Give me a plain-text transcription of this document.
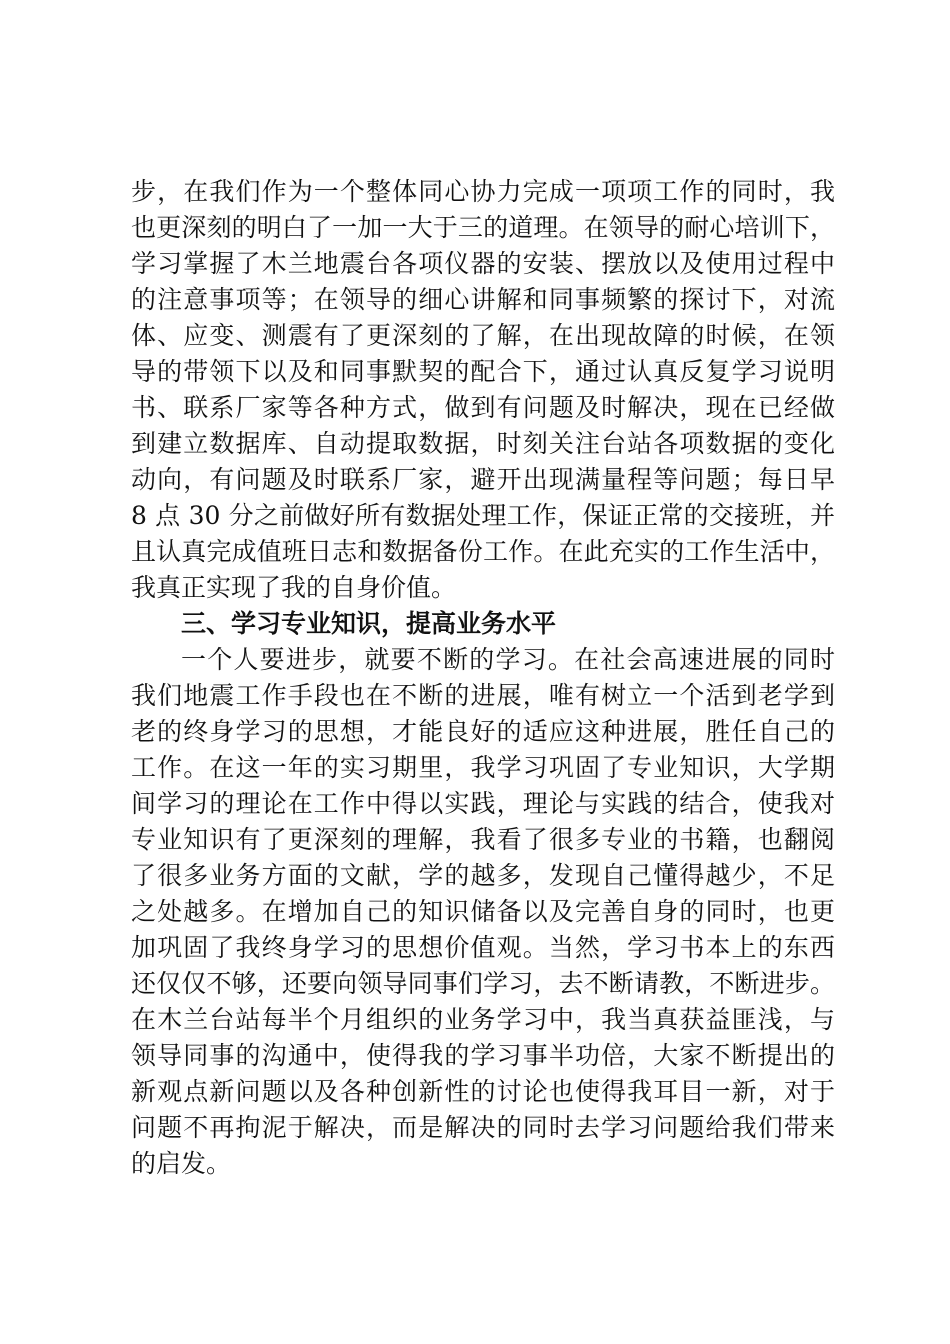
步，在我们作为一个整体同心协力完成一项项工作的同时，我
也更深刻的明白了一加一大于三的道理。在领导的耐心培训下，
学习掌握了木兰地震台各项仪器的安装、摆放以及使用过程中
的注意事项等；在领导的细心讲解和同事频繁的探讨下，对流
体、应变、测震有了更深刻的了解，在出现故障的时候，在领
导的带领下以及和同事默契的配合下，通过认真反复学习说明
书、联系厂家等各种方式，做到有问题及时解决，现在已经做
到建立数据库、自动提取数据，时刻关注台站各项数据的变化
动向，有问题及时联系厂家，避开出现满量程等问题；每日早
8 点 30 分之前做好所有数据处理工作，保证正常的交接班，并
且认真完成值班日志和数据备份工作。在此充实的工作生活中，
我真正实现了我的自身价值。
三、学习专业知识，提高业务水平
一个人要进步，就要不断的学习。在社会高速进展的同时
我们地震工作手段也在不断的进展，唯有树立一个活到老学到
老的终身学习的思想，才能良好的适应这种进展，胜任自己的
工作。在这一年的实习期里，我学习巩固了专业知识，大学期
间学习的理论在工作中得以实践，理论与实践的结合，使我对
专业知识有了更深刻的理解，我看了很多专业的书籍，也翻阅
了很多业务方面的文献，学的越多，发现自己懂得越少，不足
之处越多。在增加自己的知识储备以及完善自身的同时，也更
加巩固了我终身学习的思想价值观。当然，学习书本上的东西
还仅仅不够，还要向领导同事们学习，去不断请教，不断进步。
在木兰台站每半个月组织的业务学习中，我当真获益匪浅，与
领导同事的沟通中，使得我的学习事半功倍，大家不断提出的
新观点新问题以及各种创新性的讨论也使得我耳目一新，对于
问题不再拘泥于解决，而是解决的同时去学习问题给我们带来
的启发。
